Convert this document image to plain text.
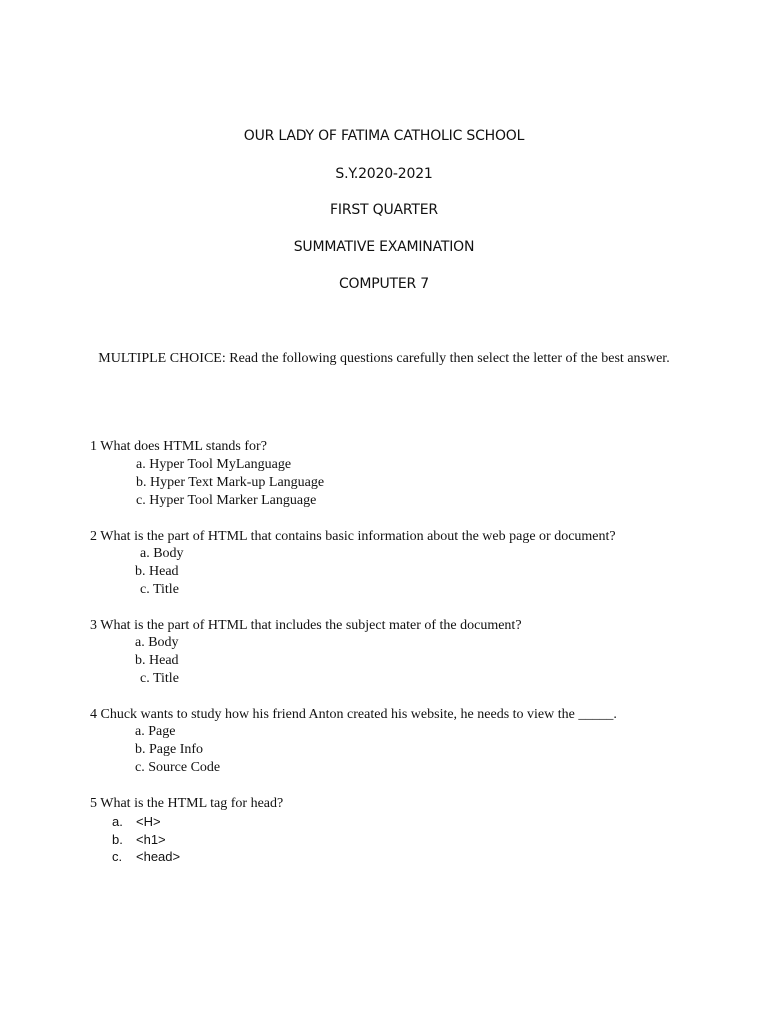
OUR LADY OF FATIMA CATHOLIC SCHOOL
S.Y.2020-2021
FIRST QUARTER
SUMMATIVE EXAMINATION
COMPUTER 7
MULTIPLE CHOICE: Read the following questions carefully then select the letter of the best answer.
1 What does HTML stands for?
a. Hyper Tool MyLanguage
b. Hyper Text Mark-up Language
c. Hyper Tool Marker Language
2 What is the part of HTML that contains basic information about the web page or document?
a. Body
b. Head
c. Title
3 What is the part of HTML that includes the subject mater of the document?
a. Body
b. Head
c. Title
4 Chuck wants to study how his friend Anton created his website, he needs to view the _____.
a. Page
b. Page Info
c. Source Code
5 What is the HTML tag for head?
a. <H>
b. <h1>
c. <head>
